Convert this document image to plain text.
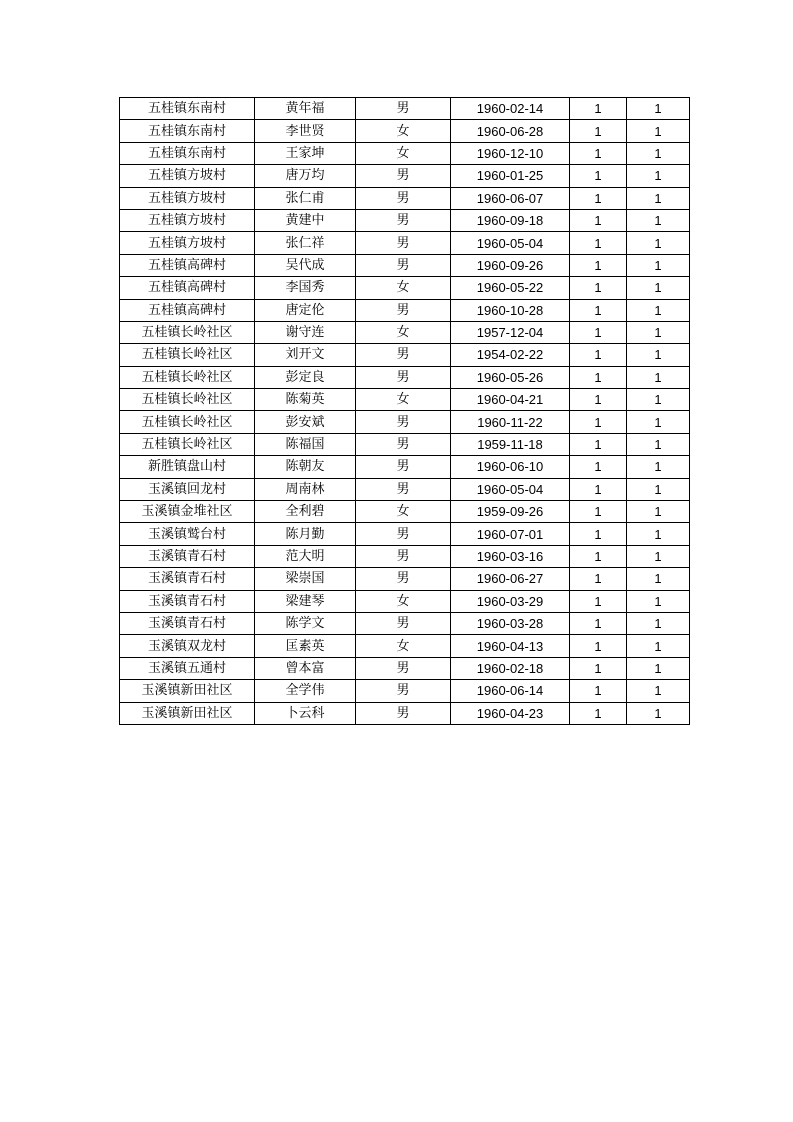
五桂镇东南村	黄年福	男	1960-02-14	1	1
五桂镇东南村	李世贤	女	1960-06-28	1	1
五桂镇东南村	王家坤	女	1960-12-10	1	1
五桂镇方坡村	唐万均	男	1960-01-25	1	1
五桂镇方坡村	张仁甫	男	1960-06-07	1	1
五桂镇方坡村	黄建中	男	1960-09-18	1	1
五桂镇方坡村	张仁祥	男	1960-05-04	1	1
五桂镇高碑村	吴代成	男	1960-09-26	1	1
五桂镇高碑村	李国秀	女	1960-05-22	1	1
五桂镇高碑村	唐定伦	男	1960-10-28	1	1
五桂镇长岭社区	谢守连	女	1957-12-04	1	1
五桂镇长岭社区	刘开文	男	1954-02-22	1	1
五桂镇长岭社区	彭定良	男	1960-05-26	1	1
五桂镇长岭社区	陈菊英	女	1960-04-21	1	1
五桂镇长岭社区	彭安斌	男	1960-11-22	1	1
五桂镇长岭社区	陈福国	男	1959-11-18	1	1
新胜镇盘山村	陈朝友	男	1960-06-10	1	1
玉溪镇回龙村	周南林	男	1960-05-04	1	1
玉溪镇金堆社区	全利碧	女	1959-09-26	1	1
玉溪镇鹫台村	陈月勤	男	1960-07-01	1	1
玉溪镇青石村	范大明	男	1960-03-16	1	1
玉溪镇青石村	梁崇国	男	1960-06-27	1	1
玉溪镇青石村	梁建琴	女	1960-03-29	1	1
玉溪镇青石村	陈学文	男	1960-03-28	1	1
玉溪镇双龙村	匡素英	女	1960-04-13	1	1
玉溪镇五通村	曾本富	男	1960-02-18	1	1
玉溪镇新田社区	全学伟	男	1960-06-14	1	1
玉溪镇新田社区	卜云科	男	1960-04-23	1	1
